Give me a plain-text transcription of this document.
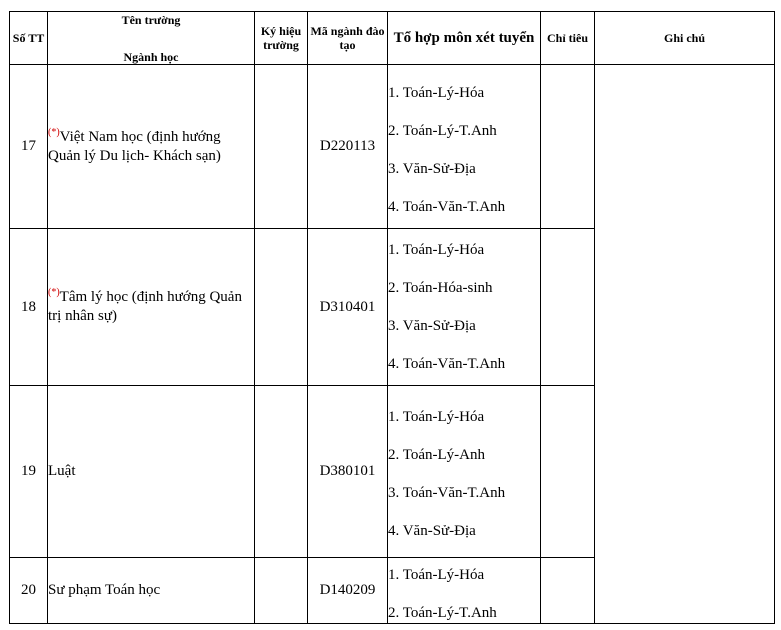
Số TT	Tên trường
Ngành học	Ký hiệu trường	Mã ngành đào tạo	Tổ hợp môn xét tuyển	Chỉ tiêu	Ghi chú
17	(*)Việt Nam học (định hướng Quản lý Du lịch- Khách sạn)		D220113	1. Toán-Lý-Hóa
2. Toán-Lý-T.Anh
3. Văn-Sử-Địa
4. Toán-Văn-T.Anh		

18	(*)Tâm lý học (định hướng Quản trị nhân sự)		D310401	1. Toán-Lý-Hóa
2. Toán-Hóa-sinh
3. Văn-Sử-Địa
4. Toán-Văn-T.Anh		

19	Luật		D380101	1. Toán-Lý-Hóa
2. Toán-Lý-Anh
3. Toán-Văn-T.Anh
4. Văn-Sử-Địa		

20	Sư phạm Toán học		D140209	1. Toán-Lý-Hóa
2. Toán-Lý-T.Anh		
